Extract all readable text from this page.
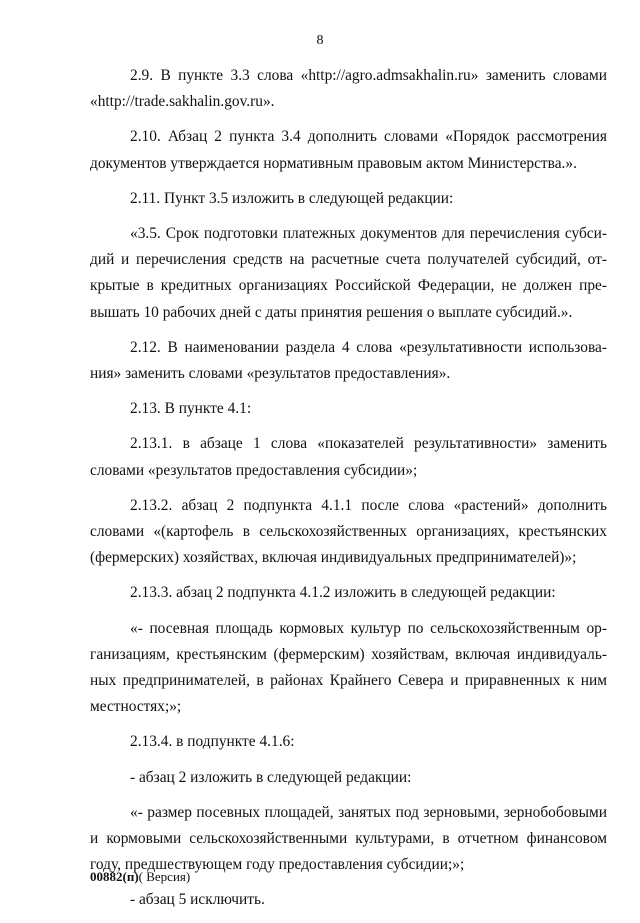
8

2.9. В пункте 3.3 слова «http://agro.admsakhalin.ru» заменить словами «http://trade.sakhalin.gov.ru».

2.10. Абзац 2 пункта 3.4 дополнить словами «Порядок рассмотрения документов утверждается нормативным правовым актом Министерства.».

2.11. Пункт 3.5 изложить в следующей редакции:

«3.5. Срок подготовки платежных документов для перечисления субсидий и перечисления средств на расчетные счета получателей субсидий, открытые в кредитных организациях Российской Федерации, не должен превышать 10 рабочих дней с даты принятия решения о выплате субсидий.».

2.12. В наименовании раздела 4 слова «результативности использования» заменить словами «результатов предоставления».

2.13. В пункте 4.1:

2.13.1. в абзаце 1 слова «показателей результативности» заменить словами «результатов предоставления субсидии»;

2.13.2. абзац 2 подпункта 4.1.1 после слова «растений» дополнить словами «(картофель в сельскохозяйственных организациях, крестьянских (фермерских) хозяйствах, включая индивидуальных предпринимателей)»;

2.13.3. абзац 2 подпункта 4.1.2 изложить в следующей редакции:

«- посевная площадь кормовых культур по сельскохозяйственным организациям, крестьянским (фермерским) хозяйствам, включая индивидуальных предпринимателей, в районах Крайнего Севера и приравненных к ним местностях;»;

2.13.4. в подпункте 4.1.6:

- абзац 2 изложить в следующей редакции:

«- размер посевных площадей, занятых под зерновыми, зернобобовыми и кормовыми сельскохозяйственными культурами, в отчетном финансовом году, предшествующем году предоставления субсидии;»;

- абзац 5 исключить.

00882(п)( Версия)
